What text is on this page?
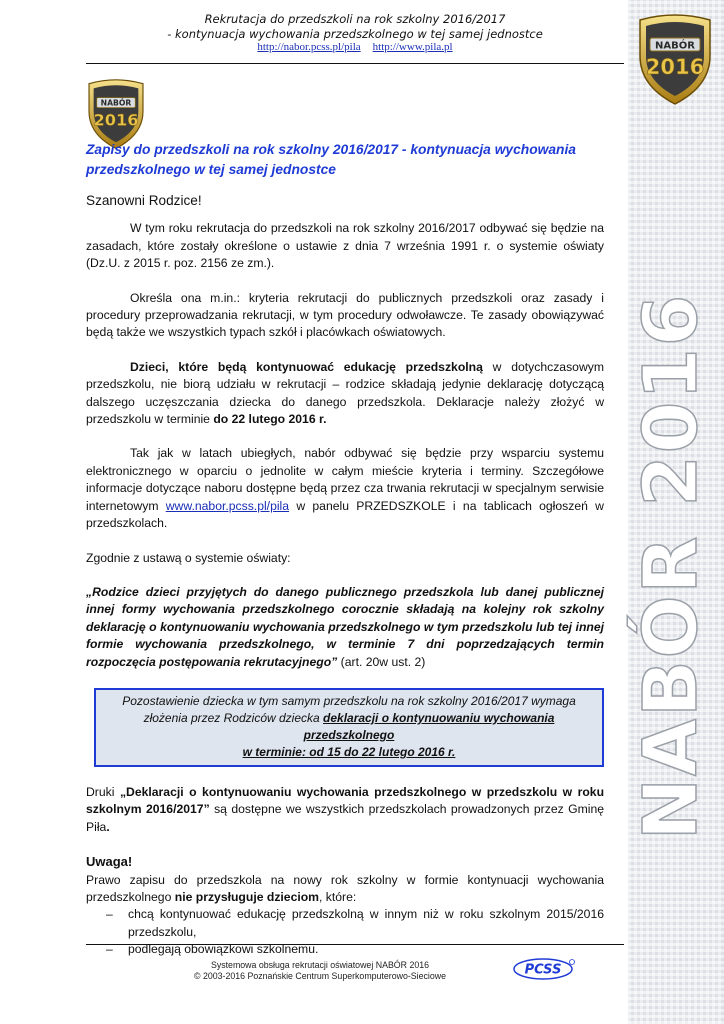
NABÓR
2016
NABÓR 2016
Rekrutacja do przedszkoli na rok szkolny 2016/2017
- kontynuacja wychowania przedszkolnego w tej samej jednostce
http://nabor.pcss.pl/pila http://www.pila.pl
NABÓR
2016
Zapisy do przedszkoli na rok szkolny 2016/2017 - kontynuacja wychowania przedszkolnego w tej samej jednostce

Szanowni Rodzice!

W tym roku rekrutacja do przedszkoli na rok szkolny 2016/2017 odbywać się będzie na zasadach, które zostały określone o ustawie z dnia 7 września 1991 r. o systemie oświaty (Dz.U. z 2015 r. poz. 2156 ze zm.).

Określa ona m.in.: kryteria rekrutacji do publicznych przedszkoli oraz zasady i procedury przeprowadzania rekrutacji, w tym procedury odwoławcze. Te zasady obowiązywać będą także we wszystkich typach szkół i placówkach oświatowych.

Dzieci, które będą kontynuować edukację przedszkolną w dotychczasowym przedszkolu, nie biorą udziału w rekrutacji – rodzice składają jedynie deklarację dotyczącą dalszego uczęszczania dziecka do danego przedszkola. Deklaracje należy złożyć w przedszkolu w terminie do 22 lutego 2016 r.

Tak jak w latach ubiegłych, nabór odbywać się będzie przy wsparciu systemu elektronicznego w oparciu o jednolite w całym mieście kryteria i terminy. Szczegółowe informacje dotyczące naboru dostępne będą przez cza trwania rekrutacji w specjalnym serwisie internetowym www.nabor.pcss.pl/pila w panelu PRZEDSZKOLE i na tablicach ogłoszeń w przedszkolach.

Zgodnie z ustawą o systemie oświaty:

„Rodzice dzieci przyjętych do danego publicznego przedszkola lub danej publicznej innej formy wychowania przedszkolnego corocznie składają na kolejny rok szkolny deklarację o kontynuowaniu wychowania przedszkolnego w tym przedszkolu lub tej innej formie wychowania przedszkolnego, w terminie 7 dni poprzedzających termin rozpoczęcia postępowania rekrutacyjnego” (art. 20w ust. 2)

Pozostawienie dziecka w tym samym przedszkolu na rok szkolny 2016/2017 wymaga
złożenia przez Rodziców dziecka deklaracji o kontynuowaniu wychowania przedszkolnego
w terminie: od 15 do 22 lutego 2016 r.

Druki „Deklaracji o kontynuowaniu wychowania przedszkolnego w przedszkolu w roku szkolnym 2016/2017” są dostępne we wszystkich przedszkolach prowadzonych przez Gminę Piła.

Uwaga!

Prawo zapisu do przedszkola na nowy rok szkolny w formie kontynuacji wychowania przedszkolnego nie przysługuje dzieciom, które:

– chcą kontynuować edukację przedszkolną w innym niż w roku szkolnym 2015/2016 przedszkolu,
– podlegają obowiązkowi szkolnemu.
Systemowa obsługa rekrutacji oświatowej NABÓR 2016
© 2003-2016 Poznańskie Centrum Superkomputerowo-Sieciowe	PCSS
